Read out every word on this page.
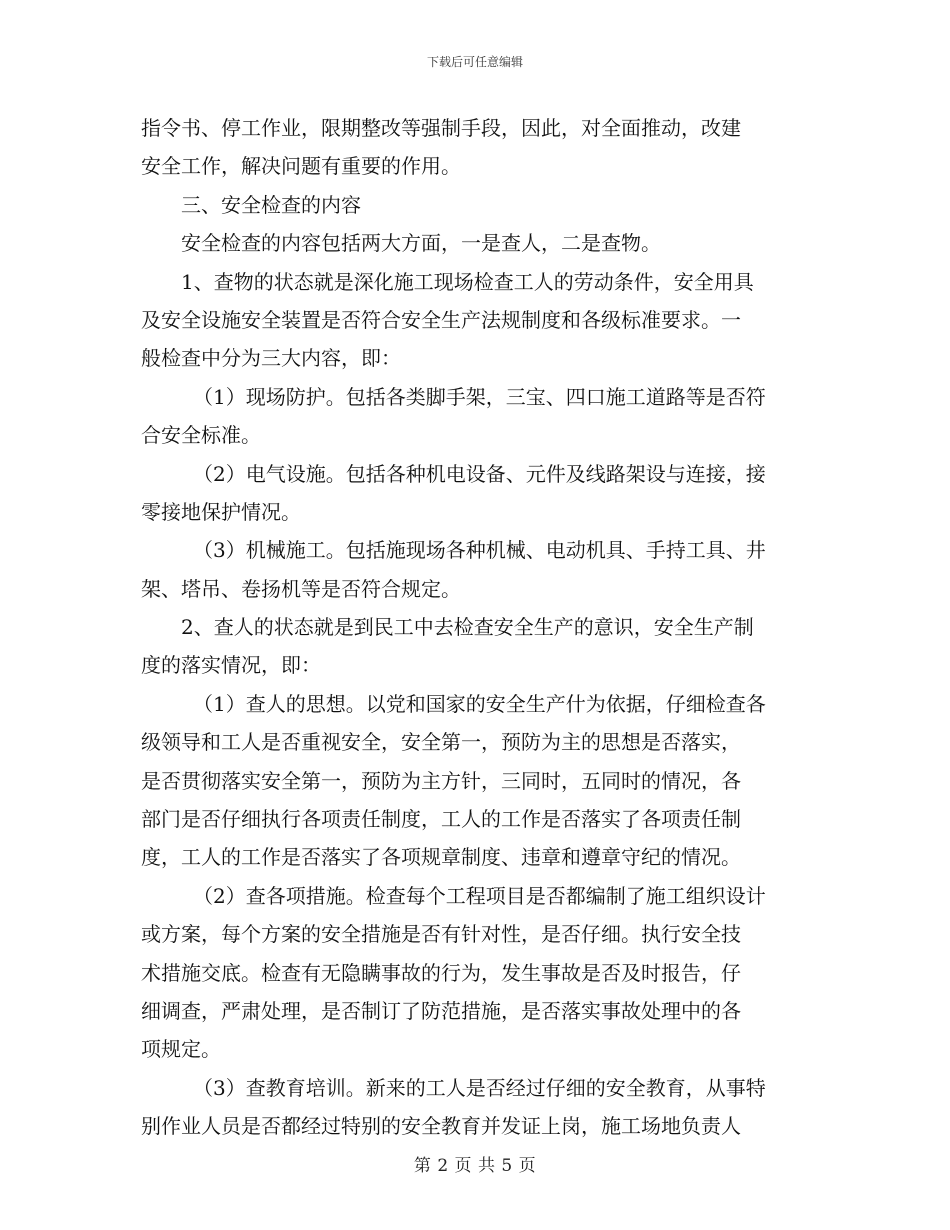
下载后可任意编辑
指令书、停工作业，限期整改等强制手段，因此，对全面推动，改建
安全工作，解决问题有重要的作用。
三、安全检查的内容
安全检查的内容包括两大方面，一是查人，二是查物。
1、查物的状态就是深化施工现场检查工人的劳动条件，安全用具
及安全设施安全装置是否符合安全生产法规制度和各级标准要求。一
般检查中分为三大内容，即：
（1）现场防护。包括各类脚手架，三宝、四口施工道路等是否符
合安全标准。
（2）电气设施。包括各种机电设备、元件及线路架设与连接，接
零接地保护情况。
（3）机械施工。包括施现场各种机械、电动机具、手持工具、井
架、塔吊、卷扬机等是否符合规定。
2、查人的状态就是到民工中去检查安全生产的意识，安全生产制
度的落实情况，即：
（1）查人的思想。以党和国家的安全生产什为依据，仔细检查各
级领导和工人是否重视安全，安全第一，预防为主的思想是否落实，
是否贯彻落实安全第一，预防为主方针，三同时，五同时的情况，各
部门是否仔细执行各项责任制度，工人的工作是否落实了各项责任制
度，工人的工作是否落实了各项规章制度、违章和遵章守纪的情况。
（2）查各项措施。检查每个工程项目是否都编制了施工组织设计
或方案，每个方案的安全措施是否有针对性，是否仔细。执行安全技
术措施交底。检查有无隐瞒事故的行为，发生事故是否及时报告，仔
细调查，严肃处理，是否制订了防范措施，是否落实事故处理中的各
项规定。
（3）查教育培训。新来的工人是否经过仔细的安全教育，从事特
别作业人员是否都经过特别的安全教育并发证上岗，施工场地负责人
第 2 页 共 5 页
